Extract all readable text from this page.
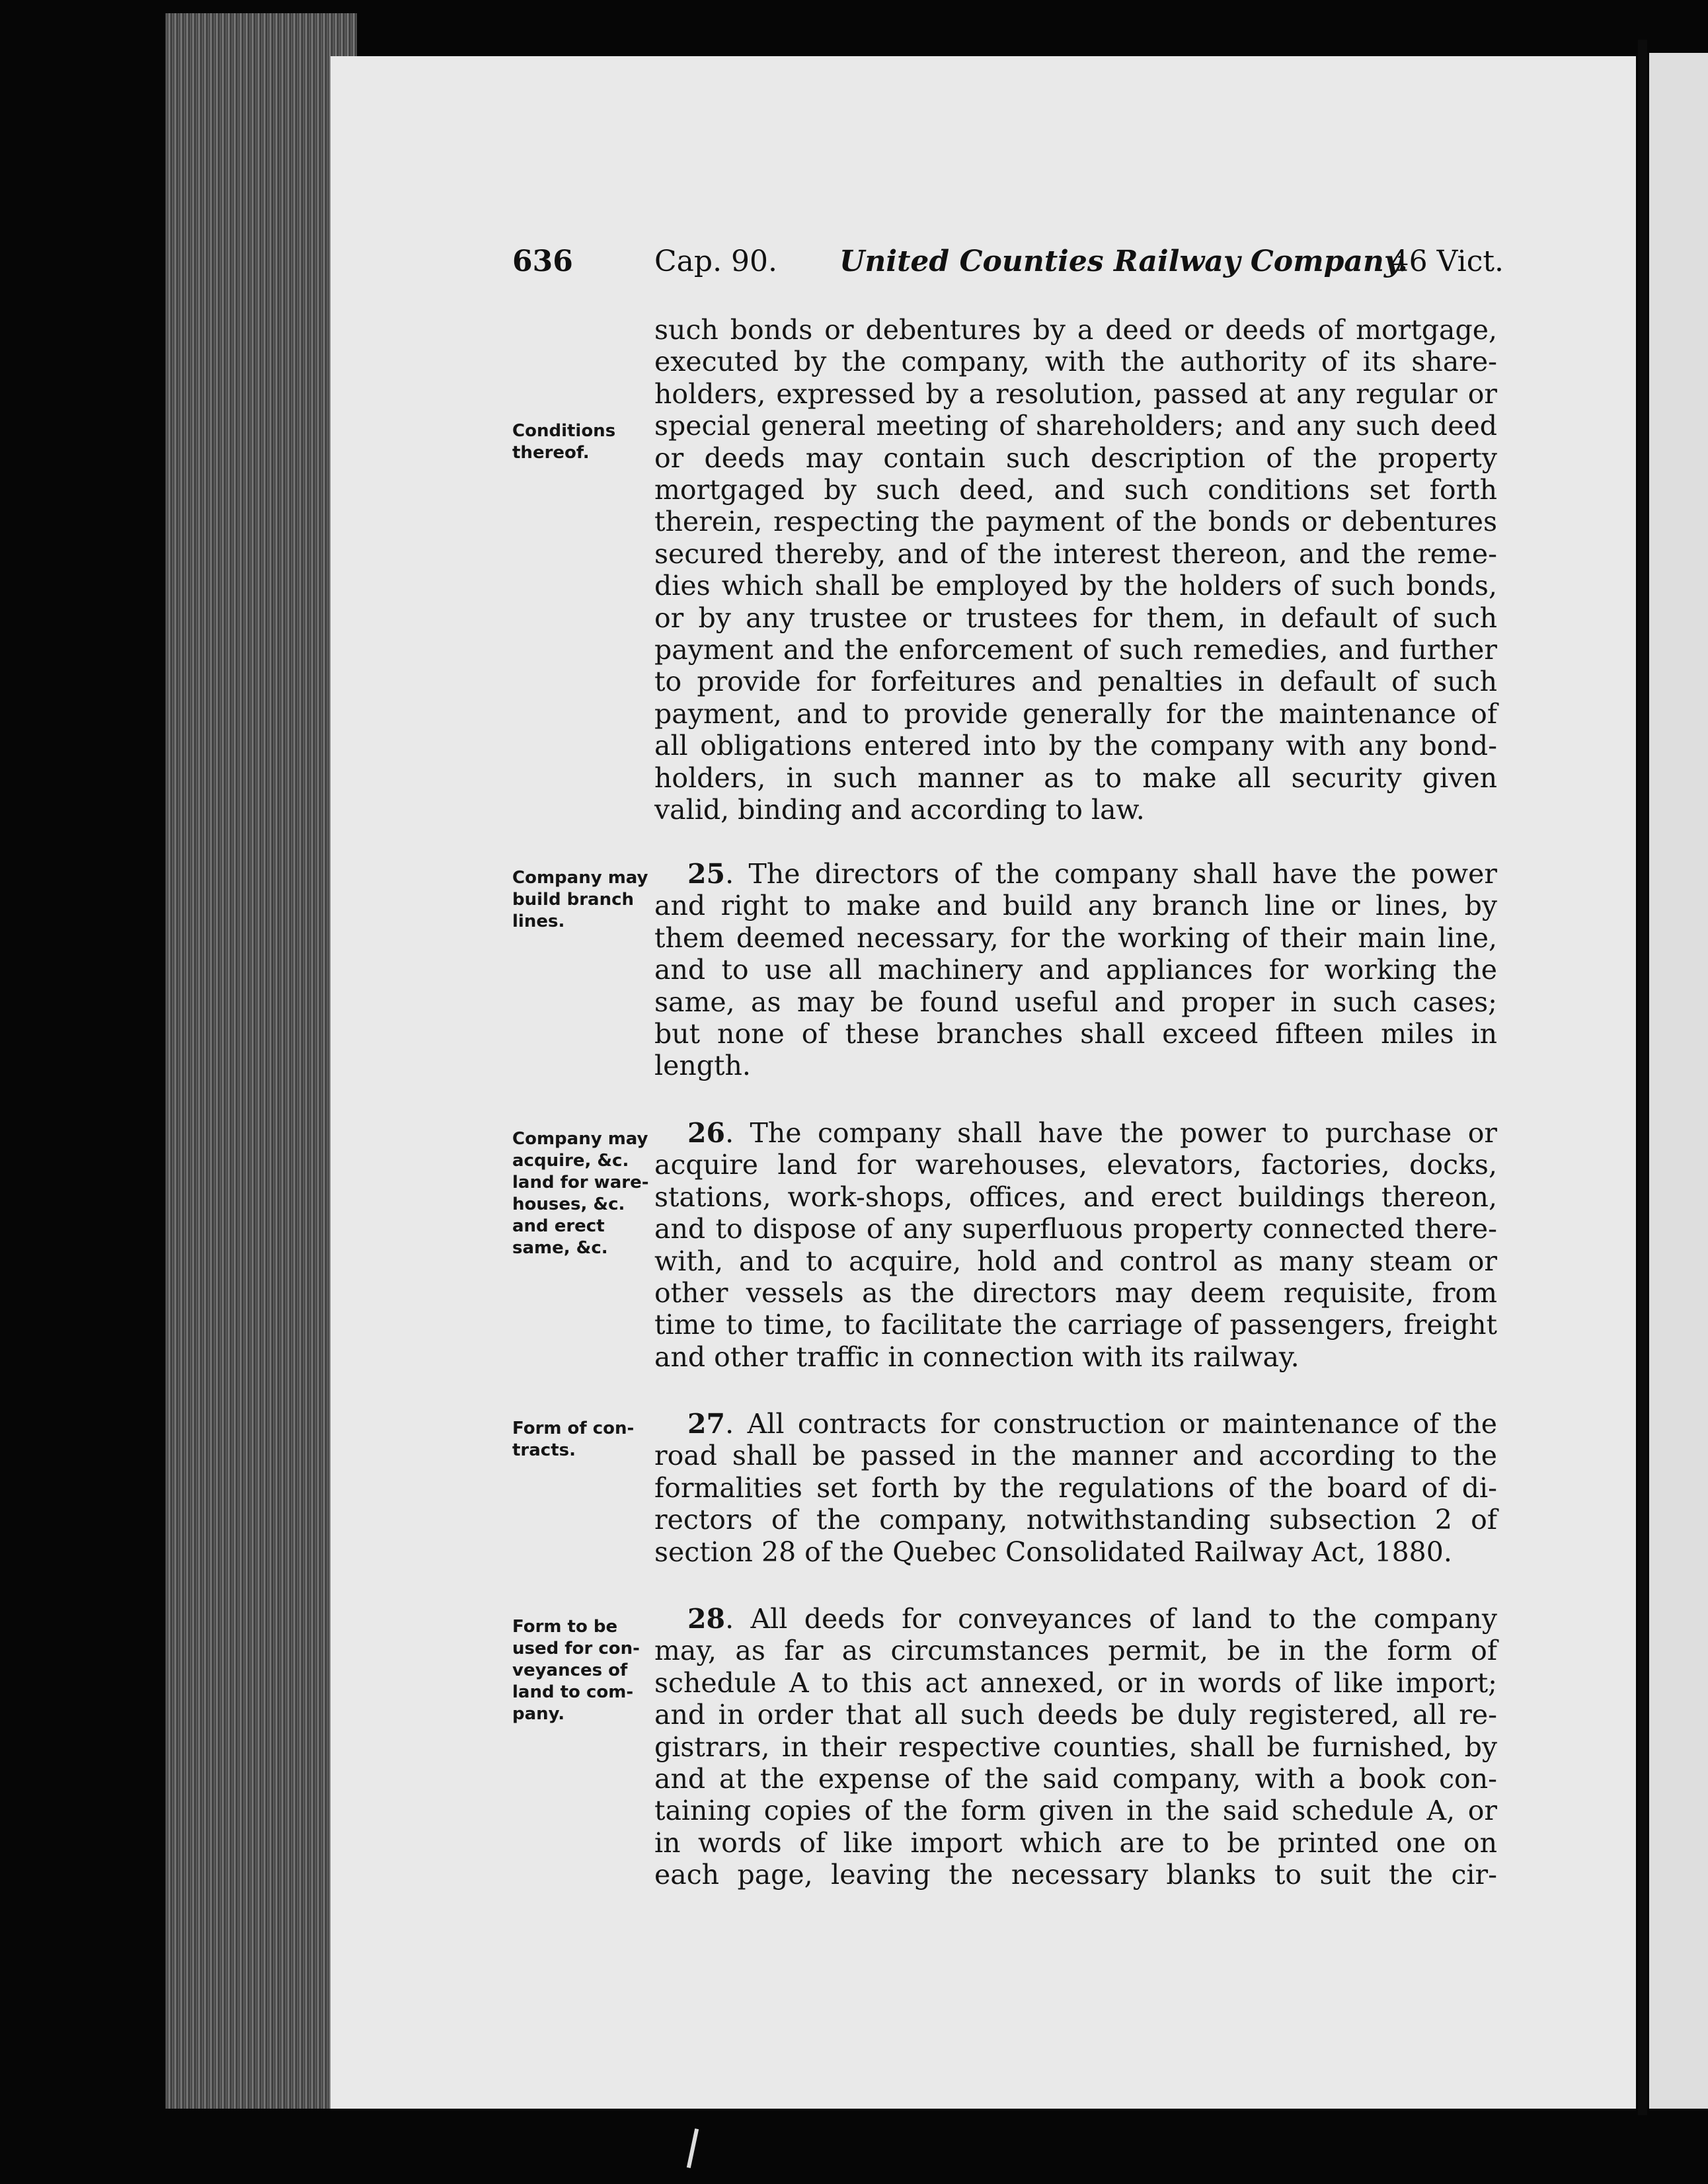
636	Cap. 90. United Counties Railway Company.
46 Vict.
such bonds or debentures by a deed or deeds of mortgage,
executed by the company, with the authority of its share-
holders, expressed by a resolution, passed at any regular or
special general meeting of shareholders; and any such deed
or deeds may contain such description of the property
mortgaged by such deed, and such conditions set forth
therein, respecting the payment of the bonds or debentures
secured thereby, and of the interest thereon, and the reme-
dies which shall be employed by the holders of such bonds,
or by any trustee or trustees for them, in default of such
payment and the enforcement of such remedies, and further
to provide for forfeitures and penalties in default of such
payment, and to provide generally for the maintenance of
all obligations entered into by the company with any bond-
holders, in such manner as to make all security given
valid, binding and according to law.
Conditions
thereof.
25. The directors of the company shall have the power
and right to make and build any branch line or lines, by
them deemed necessary, for the working of their main line,
and to use all machinery and appliances for working the
same, as may be found useful and proper in such cases;
but none of these branches shall exceed fifteen miles in
length.
Company may
build branch
lines.
26. The company shall have the power to purchase or
acquire land for warehouses, elevators, factories, docks,
stations, work-shops, offices, and erect buildings thereon,
and to dispose of any superfluous property connected there-
with, and to acquire, hold and control as many steam or
other vessels as the directors may deem requisite, from
time to time, to facilitate the carriage of passengers, freight
and other traffic in connection with its railway.
Company may
acquire, &c.
land for ware-
houses, &c.
and erect
same, &c.
27. All contracts for construction or maintenance of the
road shall be passed in the manner and according to the
formalities set forth by the regulations of the board of di-
rectors of the company, notwithstanding subsection 2 of
section 28 of the Quebec Consolidated Railway Act, 1880.
Form of con-
tracts.
28. All deeds for conveyances of land to the company
may, as far as circumstances permit, be in the form of
schedule A to this act annexed, or in words of like import;
and in order that all such deeds be duly registered, all re-
gistrars, in their respective counties, shall be furnished, by
and at the expense of the said company, with a book con-
taining copies of the form given in the said schedule A, or
in words of like import which are to be printed one on
each page, leaving the necessary blanks to suit the cir-
Form to be
used for con-
veyances of
land to com-
pany.
